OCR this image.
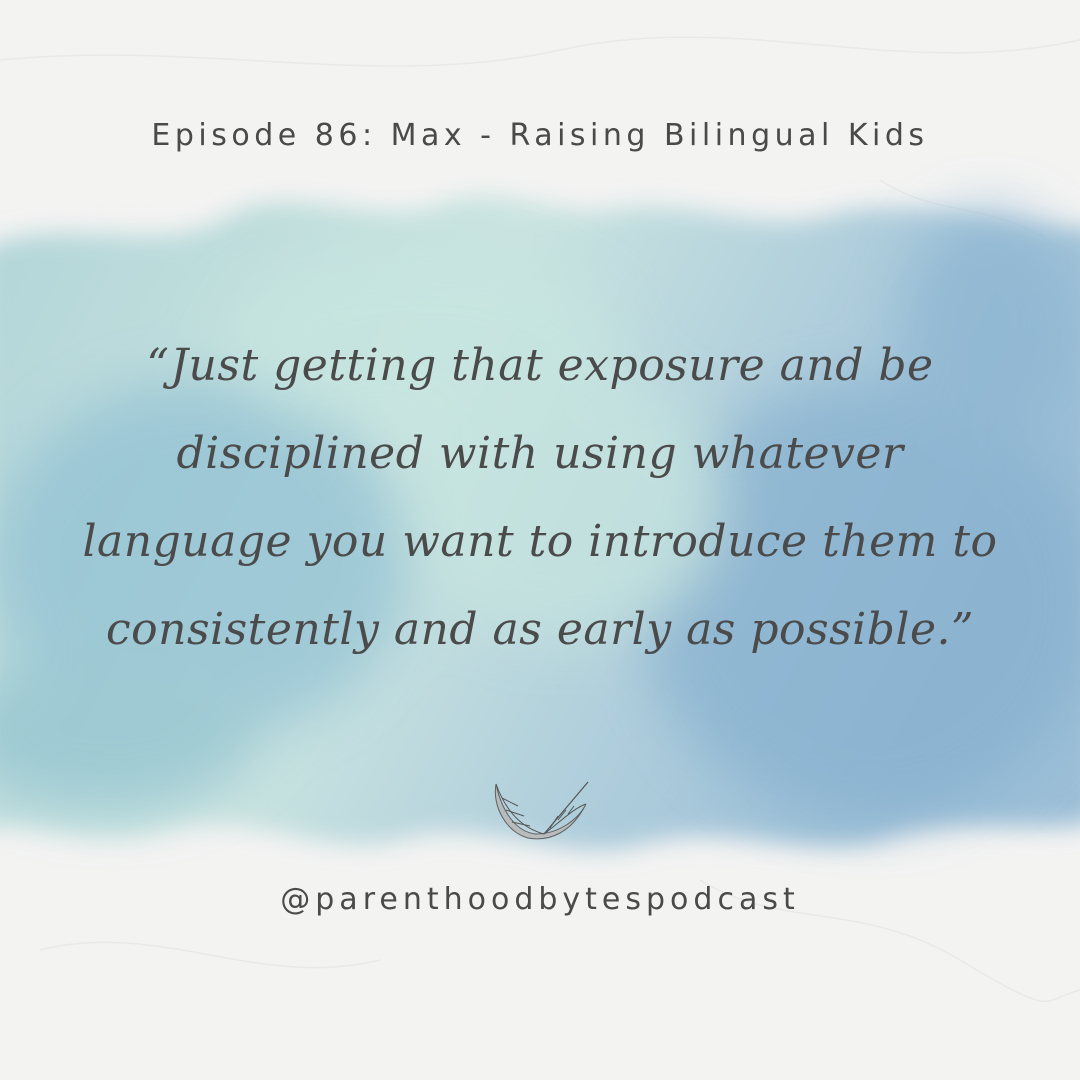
Episode 86: Max - Raising Bilingual Kids
“Just getting that exposure and be disciplined with using whatever language you want to introduce them to consistently and as early as possible.”
@parenthoodbytespodcast
